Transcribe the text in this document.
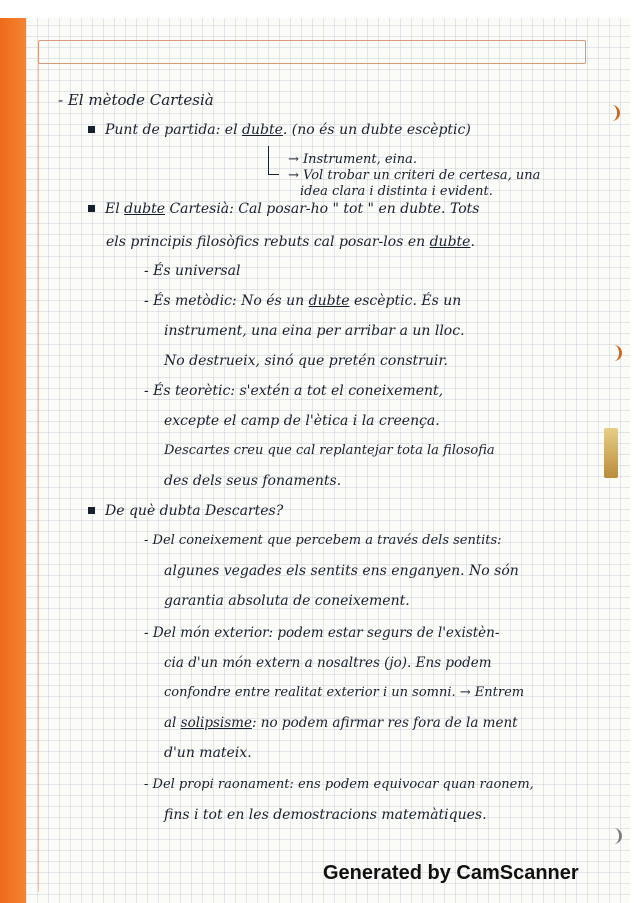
- El mètode Cartesià
Punt de partida: el dubte. (no és un dubte escèptic)
→ Instrument, eina.
→ Vol trobar un criteri de certesa, una
idea clara i distinta i evident.
El dubte Cartesià: Cal posar-ho " tot " en dubte. Tots
els principis filosòfics rebuts cal posar-los en dubte.
- És universal
- És metòdic: No és un dubte escèptic. És un
instrument, una eina per arribar a un lloc.
No destrueix, sinó que pretén construir.
- És teorètic: s'extén a tot el coneixement,
excepte el camp de l'ètica i la creença.
Descartes creu que cal replantejar tota la filosofia
des dels seus fonaments.
De què dubta Descartes?
- Del coneixement que percebem a través dels sentits:
algunes vegades els sentits ens enganyen. No són
garantia absoluta de coneixement.
- Del món exterior: podem estar segurs de l'existèn-
cia d'un món extern a nosaltres (jo). Ens podem
confondre entre realitat exterior i un somni. → Entrem
al solipsisme: no podem afirmar res fora de la ment
d'un mateix.
- Del propi raonament: ens podem equivocar quan raonem,
fins i tot en les demostracions matemàtiques.
Generated by CamScanner
